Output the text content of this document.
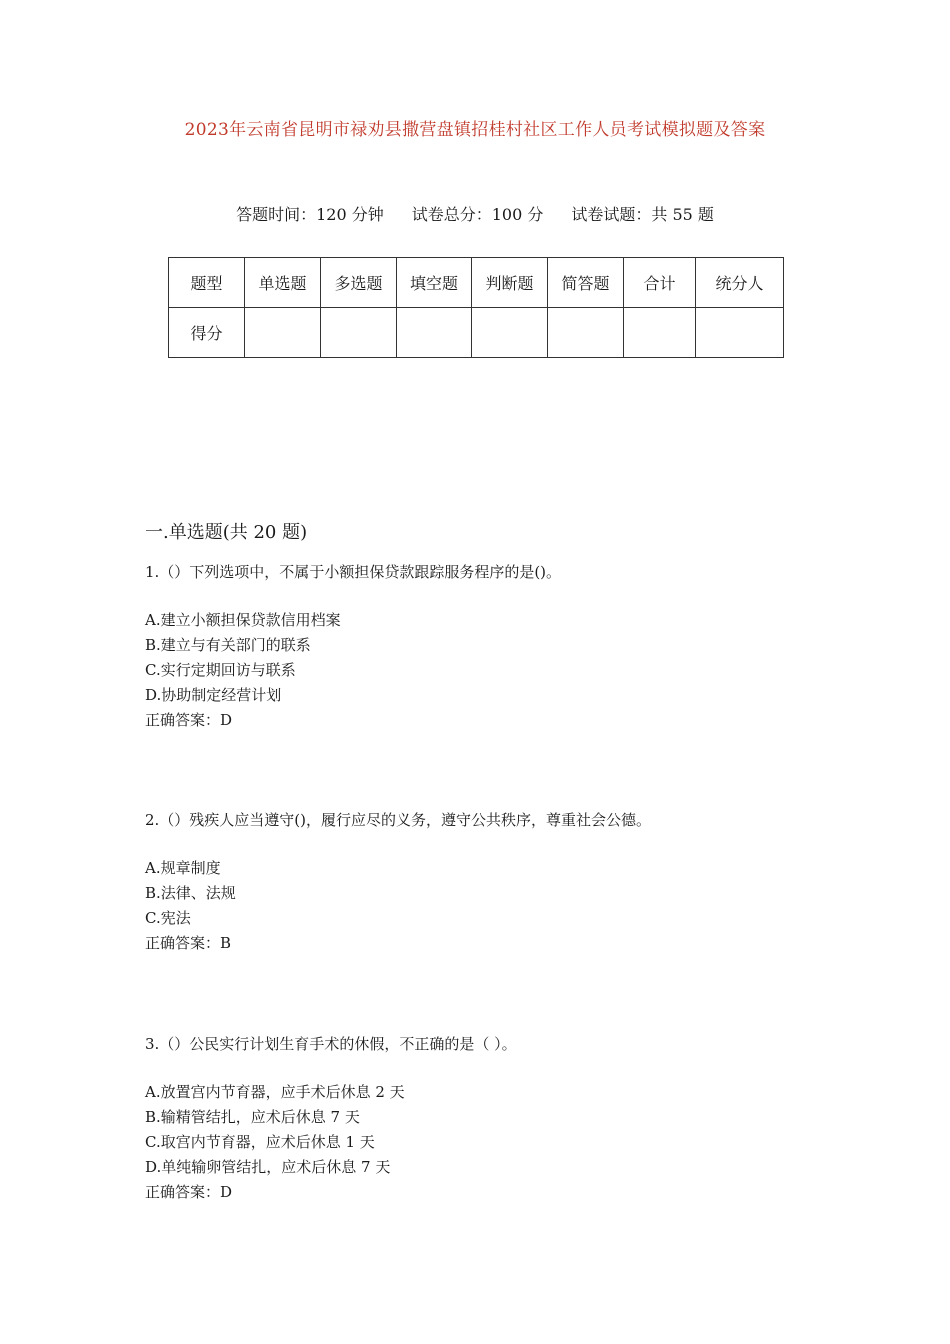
2023年云南省昆明市禄劝县撒营盘镇招桂村社区工作人员考试模拟题及答案
答题时间：120 分钟 试卷总分：100 分 试卷试题：共 55 题
题型	单选题	多选题	填空题	判断题	简答题	合计	统分人
得分							
一.单选题(共 20 题)
1.（）下列选项中，不属于小额担保贷款跟踪服务程序的是()。
A.建立小额担保贷款信用档案
B.建立与有关部门的联系
C.实行定期回访与联系
D.协助制定经营计划
正确答案：D
2.（）残疾人应当遵守()，履行应尽的义务，遵守公共秩序，尊重社会公德。
A.规章制度
B.法律、法规
C.宪法
正确答案：B
3.（）公民实行计划生育手术的休假，不正确的是（ ）。
A.放置宫内节育器，应手术后休息 2 天
B.输精管结扎，应术后休息 7 天
C.取宫内节育器，应术后休息 1 天
D.单纯输卵管结扎，应术后休息 7 天
正确答案：D
